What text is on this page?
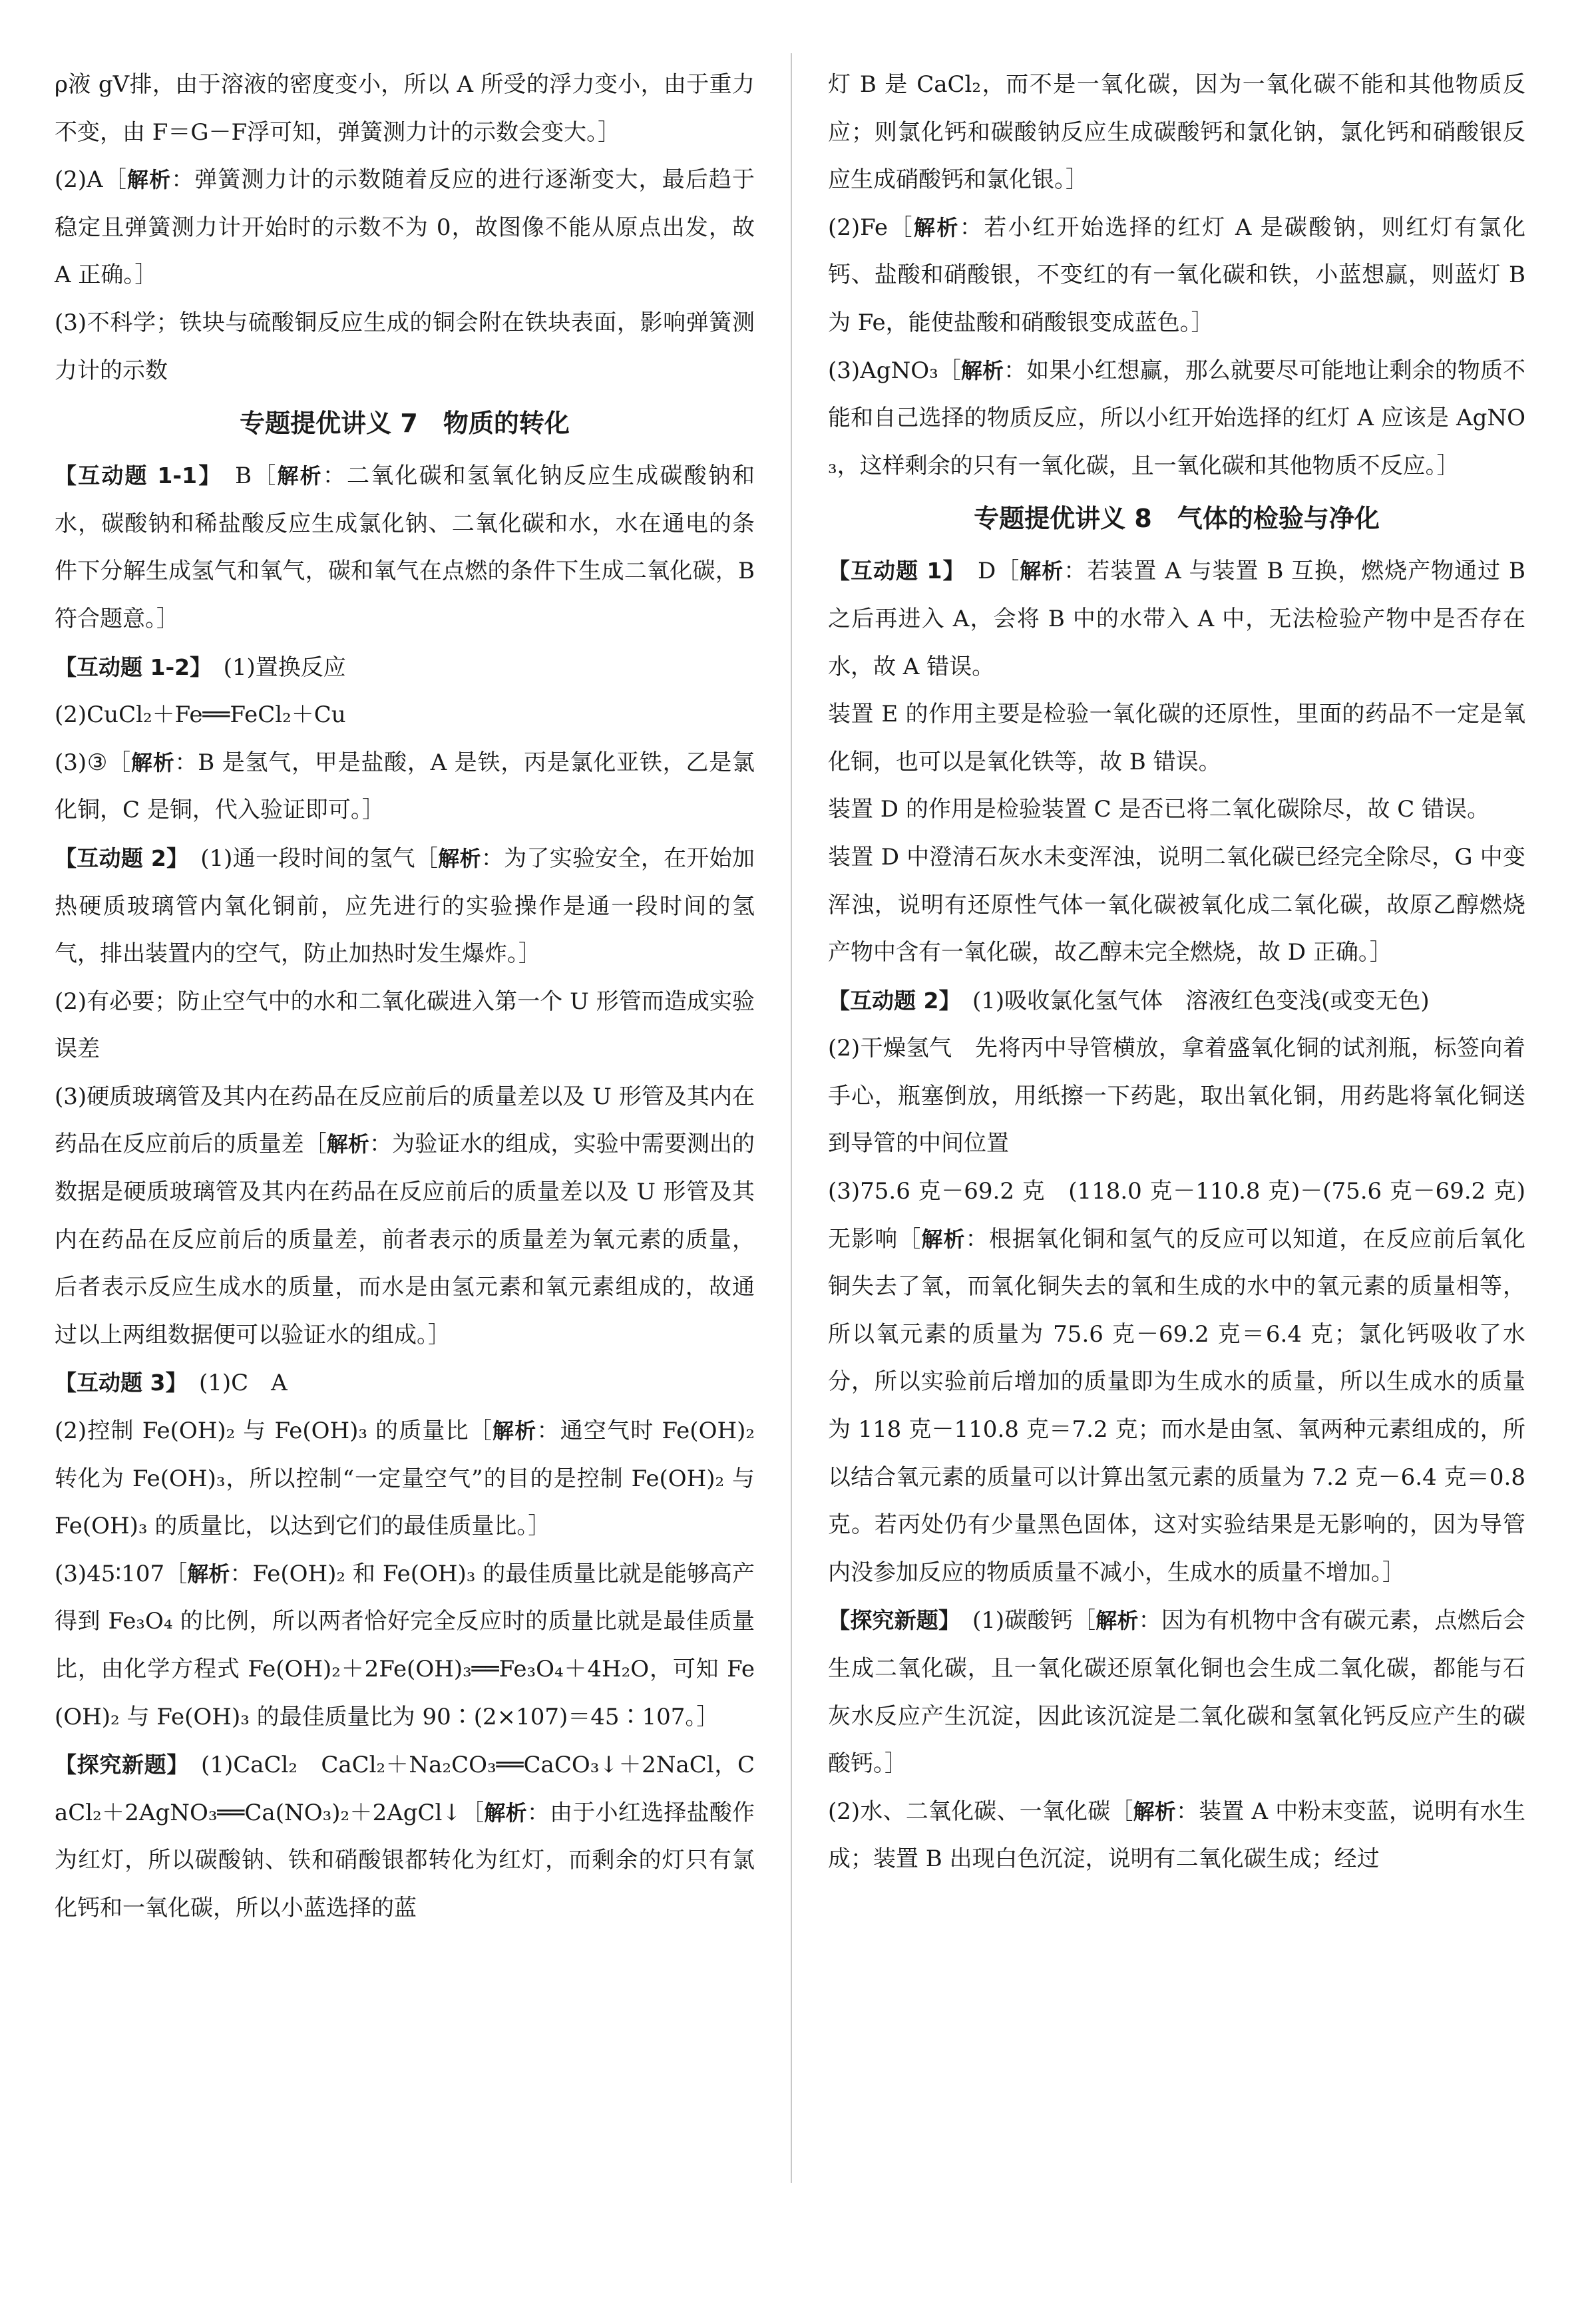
ρ液 gV排，由于溶液的密度变小，所以 A 所受的浮力变小，由于重力不变，由 F＝G－F浮可知，弹簧测力计的示数会变大。］

(2)A［解析：弹簧测力计的示数随着反应的进行逐渐变大，最后趋于稳定且弹簧测力计开始时的示数不为 0，故图像不能从原点出发，故 A 正确。］

(3)不科学；铁块与硫酸铜反应生成的铜会附在铁块表面，影响弹簧测力计的示数

专题提优讲义 7　物质的转化

【互动题 1-1】　B［解析：二氧化碳和氢氧化钠反应生成碳酸钠和水，碳酸钠和稀盐酸反应生成氯化钠、二氧化碳和水，水在通电的条件下分解生成氢气和氧气，碳和氧气在点燃的条件下生成二氧化碳，B 符合题意。］

【互动题 1-2】　(1)置换反应

(2)CuCl₂＋Fe══FeCl₂＋Cu

(3)③［解析：B 是氢气，甲是盐酸，A 是铁，丙是氯化亚铁，乙是氯化铜，C 是铜，代入验证即可。］

【互动题 2】　(1)通一段时间的氢气［解析：为了实验安全，在开始加热硬质玻璃管内氧化铜前，应先进行的实验操作是通一段时间的氢气，排出装置内的空气，防止加热时发生爆炸。］

(2)有必要；防止空气中的水和二氧化碳进入第一个 U 形管而造成实验误差

(3)硬质玻璃管及其内在药品在反应前后的质量差以及 U 形管及其内在药品在反应前后的质量差［解析：为验证水的组成，实验中需要测出的数据是硬质玻璃管及其内在药品在反应前后的质量差以及 U 形管及其内在药品在反应前后的质量差，前者表示的质量差为氧元素的质量，后者表示反应生成水的质量，而水是由氢元素和氧元素组成的，故通过以上两组数据便可以验证水的组成。］

【互动题 3】　(1)C　A

(2)控制 Fe(OH)₂ 与 Fe(OH)₃ 的质量比［解析：通空气时 Fe(OH)₂ 转化为 Fe(OH)₃，所以控制“一定量空气”的目的是控制 Fe(OH)₂ 与 Fe(OH)₃ 的质量比，以达到它们的最佳质量比。］

(3)45∶107［解析：Fe(OH)₂ 和 Fe(OH)₃ 的最佳质量比就是能够高产得到 Fe₃O₄ 的比例，所以两者恰好完全反应时的质量比就是最佳质量比，由化学方程式 Fe(OH)₂＋2Fe(OH)₃══Fe₃O₄＋4H₂O，可知 Fe(OH)₂ 与 Fe(OH)₃ 的最佳质量比为 90∶(2×107)＝45∶107。］

【探究新题】　(1)CaCl₂　CaCl₂＋Na₂CO₃══CaCO₃↓＋2NaCl，CaCl₂＋2AgNO₃══Ca(NO₃)₂＋2AgCl↓［解析：由于小红选择盐酸作为红灯，所以碳酸钠、铁和硝酸银都转化为红灯，而剩余的灯只有氯化钙和一氧化碳，所以小蓝选择的蓝

灯 B 是 CaCl₂，而不是一氧化碳，因为一氧化碳不能和其他物质反应；则氯化钙和碳酸钠反应生成碳酸钙和氯化钠，氯化钙和硝酸银反应生成硝酸钙和氯化银。］

(2)Fe［解析：若小红开始选择的红灯 A 是碳酸钠，则红灯有氯化钙、盐酸和硝酸银，不变红的有一氧化碳和铁，小蓝想赢，则蓝灯 B 为 Fe，能使盐酸和硝酸银变成蓝色。］

(3)AgNO₃［解析：如果小红想赢，那么就要尽可能地让剩余的物质不能和自己选择的物质反应，所以小红开始选择的红灯 A 应该是 AgNO₃，这样剩余的只有一氧化碳，且一氧化碳和其他物质不反应。］

专题提优讲义 8　气体的检验与净化

【互动题 1】　D［解析：若装置 A 与装置 B 互换，燃烧产物通过 B 之后再进入 A，会将 B 中的水带入 A 中，无法检验产物中是否存在水，故 A 错误。

装置 E 的作用主要是检验一氧化碳的还原性，里面的药品不一定是氧化铜，也可以是氧化铁等，故 B 错误。

装置 D 的作用是检验装置 C 是否已将二氧化碳除尽，故 C 错误。

装置 D 中澄清石灰水未变浑浊，说明二氧化碳已经完全除尽，G 中变浑浊，说明有还原性气体一氧化碳被氧化成二氧化碳，故原乙醇燃烧产物中含有一氧化碳，故乙醇未完全燃烧，故 D 正确。］

【互动题 2】　(1)吸收氯化氢气体　溶液红色变浅(或变无色)

(2)干燥氢气　先将丙中导管横放，拿着盛氧化铜的试剂瓶，标签向着手心，瓶塞倒放，用纸擦一下药匙，取出氧化铜，用药匙将氧化铜送到导管的中间位置

(3)75.6 克－69.2 克　(118.0 克－110.8 克)－(75.6 克－69.2 克)　无影响［解析：根据氧化铜和氢气的反应可以知道，在反应前后氧化铜失去了氧，而氧化铜失去的氧和生成的水中的氧元素的质量相等，所以氧元素的质量为 75.6 克－69.2 克＝6.4 克；氯化钙吸收了水分，所以实验前后增加的质量即为生成水的质量，所以生成水的质量为 118 克－110.8 克＝7.2 克；而水是由氢、氧两种元素组成的，所以结合氧元素的质量可以计算出氢元素的质量为 7.2 克－6.4 克＝0.8 克。若丙处仍有少量黑色固体，这对实验结果是无影响的，因为导管内没参加反应的物质质量不减小，生成水的质量不增加。］

【探究新题】　(1)碳酸钙［解析：因为有机物中含有碳元素，点燃后会生成二氧化碳，且一氧化碳还原氧化铜也会生成二氧化碳，都能与石灰水反应产生沉淀，因此该沉淀是二氧化碳和氢氧化钙反应产生的碳酸钙。］

(2)水、二氧化碳、一氧化碳［解析：装置 A 中粉末变蓝，说明有水生成；装置 B 出现白色沉淀，说明有二氧化碳生成；经过
